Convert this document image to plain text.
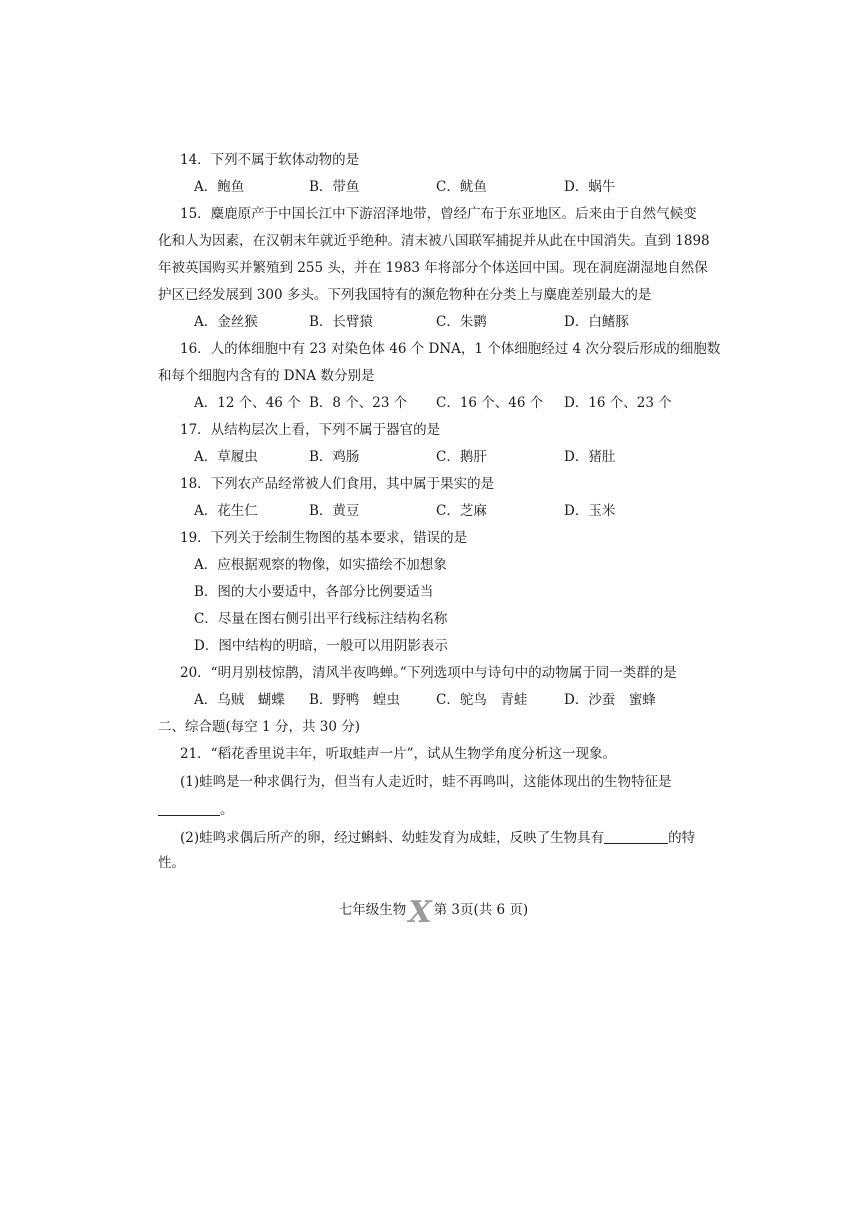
14．下列不属于软体动物的是
A．鲍鱼	B．带鱼	C．鱿鱼	D．蜗牛
15．麋鹿原产于中国长江中下游沼泽地带，曾经广布于东亚地区。后来由于自然气候变
化和人为因素，在汉朝末年就近乎绝种。清末被八国联军捕捉并从此在中国消失。直到 1898
年被英国购买并繁殖到 255 头，并在 1983 年将部分个体送回中国。现在洞庭湖湿地自然保
护区已经发展到 300 多头。下列我国特有的濒危物种在分类上与麋鹿差别最大的是
A．金丝猴	B．长臂猿	C．朱鹮	D．白鳍豚
16．人的体细胞中有 23 对染色体 46 个 DNA，1 个体细胞经过 4 次分裂后形成的细胞数
和每个细胞内含有的 DNA 数分别是
A．12 个、46 个 B．8 个、23 个 C．16 个、46 个 D．16 个、23 个
17．从结构层次上看，下列不属于器官的是
A．草履虫	B．鸡肠	C．鹅肝	D．猪肚
18．下列农产品经常被人们食用，其中属于果实的是
A．花生仁	B．黄豆	C．芝麻	D．玉米
19．下列关于绘制生物图的基本要求，错误的是
A．应根据观察的物像，如实描绘不加想象
B．图的大小要适中，各部分比例要适当
C．尽量在图右侧引出平行线标注结构名称
D．图中结构的明暗，一般可以用阴影表示
20．“明月别枝惊鹊，清风半夜鸣蝉。”下列选项中与诗句中的动物属于同一类群的是
A．乌贼　蝴蝶 B．野鸭　蝗虫	C．鸵鸟　青蛙	D．沙蚕　蜜蜂
二、综合题(每空 1 分，共 30 分)
21．“稻花香里说丰年，听取蛙声一片”，试从生物学角度分析这一现象。
(1)蛙鸣是一种求偶行为，但当有人走近时，蛙不再鸣叫，这能体现出的生物特征是
。
(2)蛙鸣求偶后所产的卵，经过蝌蚪、幼蛙发育为成蛙，反映了生物具有	的特
性。
七年级生物X 第 3页(共 6 页)
